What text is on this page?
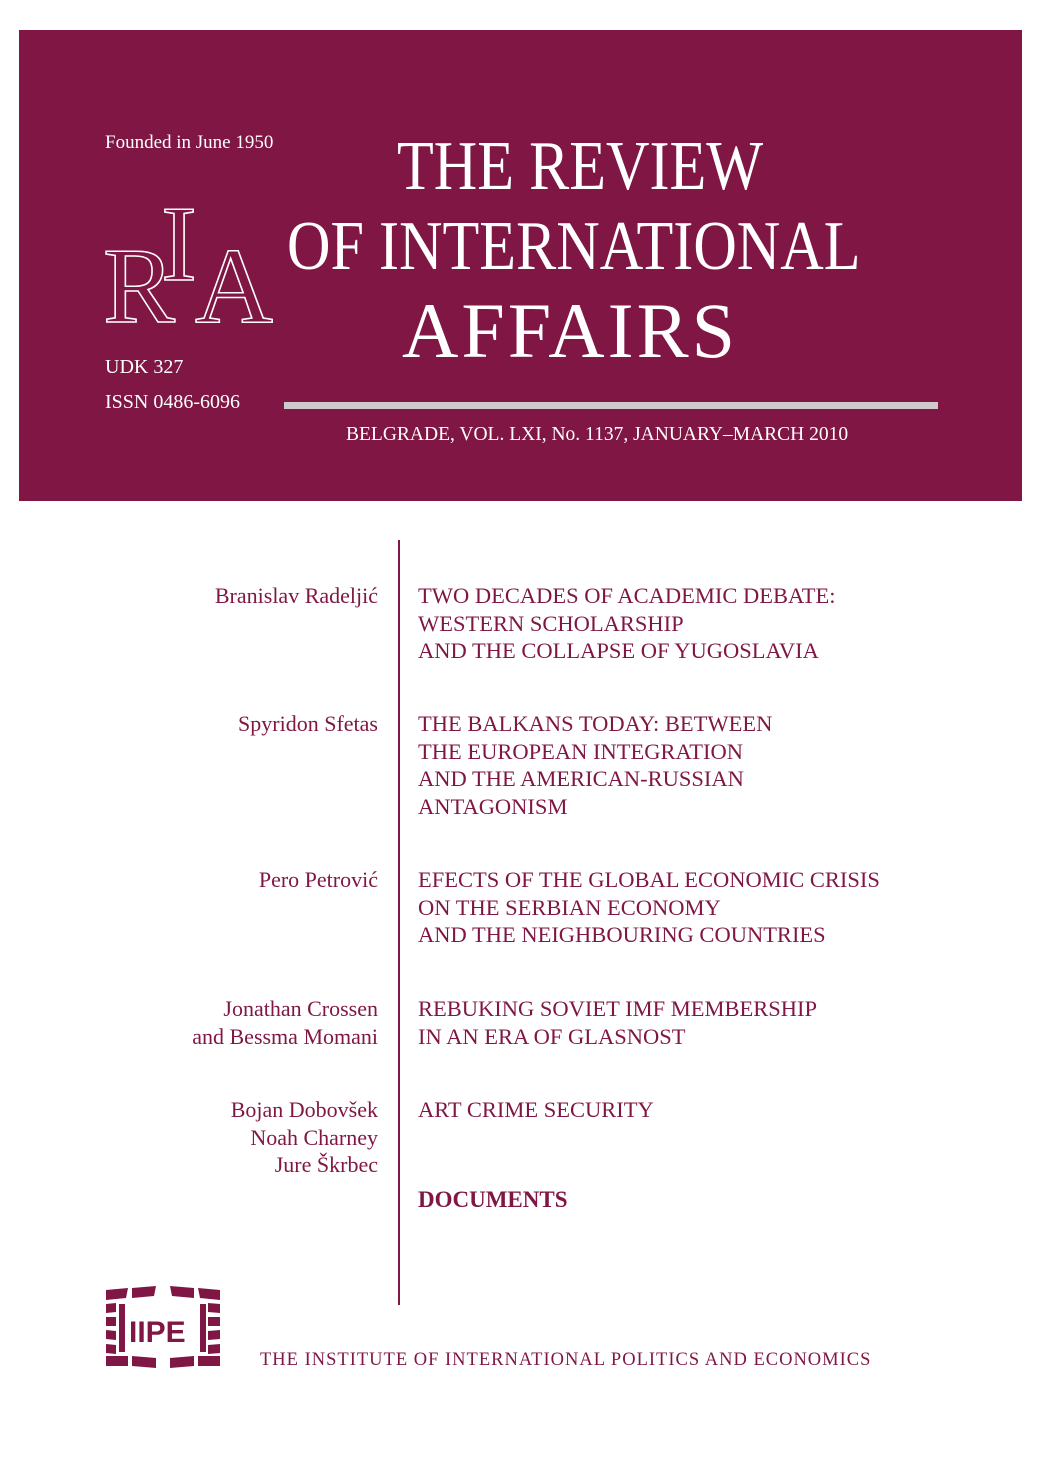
Founded in June 1950
R
I
A
UDK 327
ISSN 0486-6096
THE REVIEW
OF INTERNATIONAL
AFFAIRS
BELGRADE, VOL. LXI, No. 1137, JANUARY–MARCH 2010
Branislav Radeljić TWO DECADES OF ACADEMIC DEBATE:
WESTERN SCHOLARSHIP
AND THE COLLAPSE OF YUGOSLAVIA
Spyridon Sfetas THE BALKANS TODAY: BETWEEN
THE EUROPEAN INTEGRATION
AND THE AMERICAN-RUSSIAN
ANTAGONISM
Pero Petrović EFECTS OF THE GLOBAL ECONOMIC CRISIS
ON THE SERBIAN ECONOMY
AND THE NEIGHBOURING COUNTRIES
Jonathan Crossen
and Bessma Momani
REBUKING SOVIET IMF MEMBERSHIP
IN AN ERA OF GLASNOST
Bojan Dobovšek
Noah Charney
Jure Škrbec
ART CRIME SECURITY
DOCUMENTS
IIPE
THE INSTITUTE OF INTERNATIONAL POLITICS AND ECONOMICS
